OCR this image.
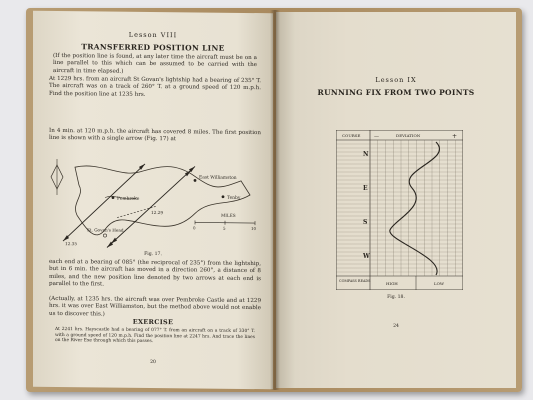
Lesson VIII
TRANSFERRED POSITION LINE
(If the position line is found, at any later time the aircraft must be on a line parallel to this which can be assumed to be carried with the aircraft in time elapsed.)
At 1229 hrs. from an aircraft St Govan's lightship had a bearing of 235° T. The aircraft was on a track of 260° T. at a ground speed of 120 m.p.h. Find the position line at 1235 hrs.
In 4 min. at 120 m.p.h. the aircraft has covered 8 miles. The first position line is shown with a single arrow (Fig. 17) at
Pembroke
East Williamston
Tenby
St. Govan's Head
12.29
12.35
MILES
0	5	10
Fig. 17.
each end at a bearing of 085° (the reciprocal of 235°) from the lightship, but in 6 min. the aircraft has moved in a direction 260°, a distance of 8 miles, and the new position line denoted by two arrows at each end is parallel to the first.
(Actually, at 1235 hrs. the aircraft was over Pembroke Castle and at 1229 hrs. it was over East Williamston, but the method above would not enable us to discover this.)
EXERCISE
At 2241 hrs. Hayscastle had a bearing of 077° T. from an aircraft on a track of 330° T. with a ground speed of 120 m.p.h. Find the position line at 2247 hrs. And trace the lines on the River Exe through which this passes.
20
Lesson IX
RUNNING FIX FROM TWO POINTS
COURSE	—	DEVIATION	+
N
E
S
W
COMPASS READS	HIGH	LOW
Fig. 18.
24
